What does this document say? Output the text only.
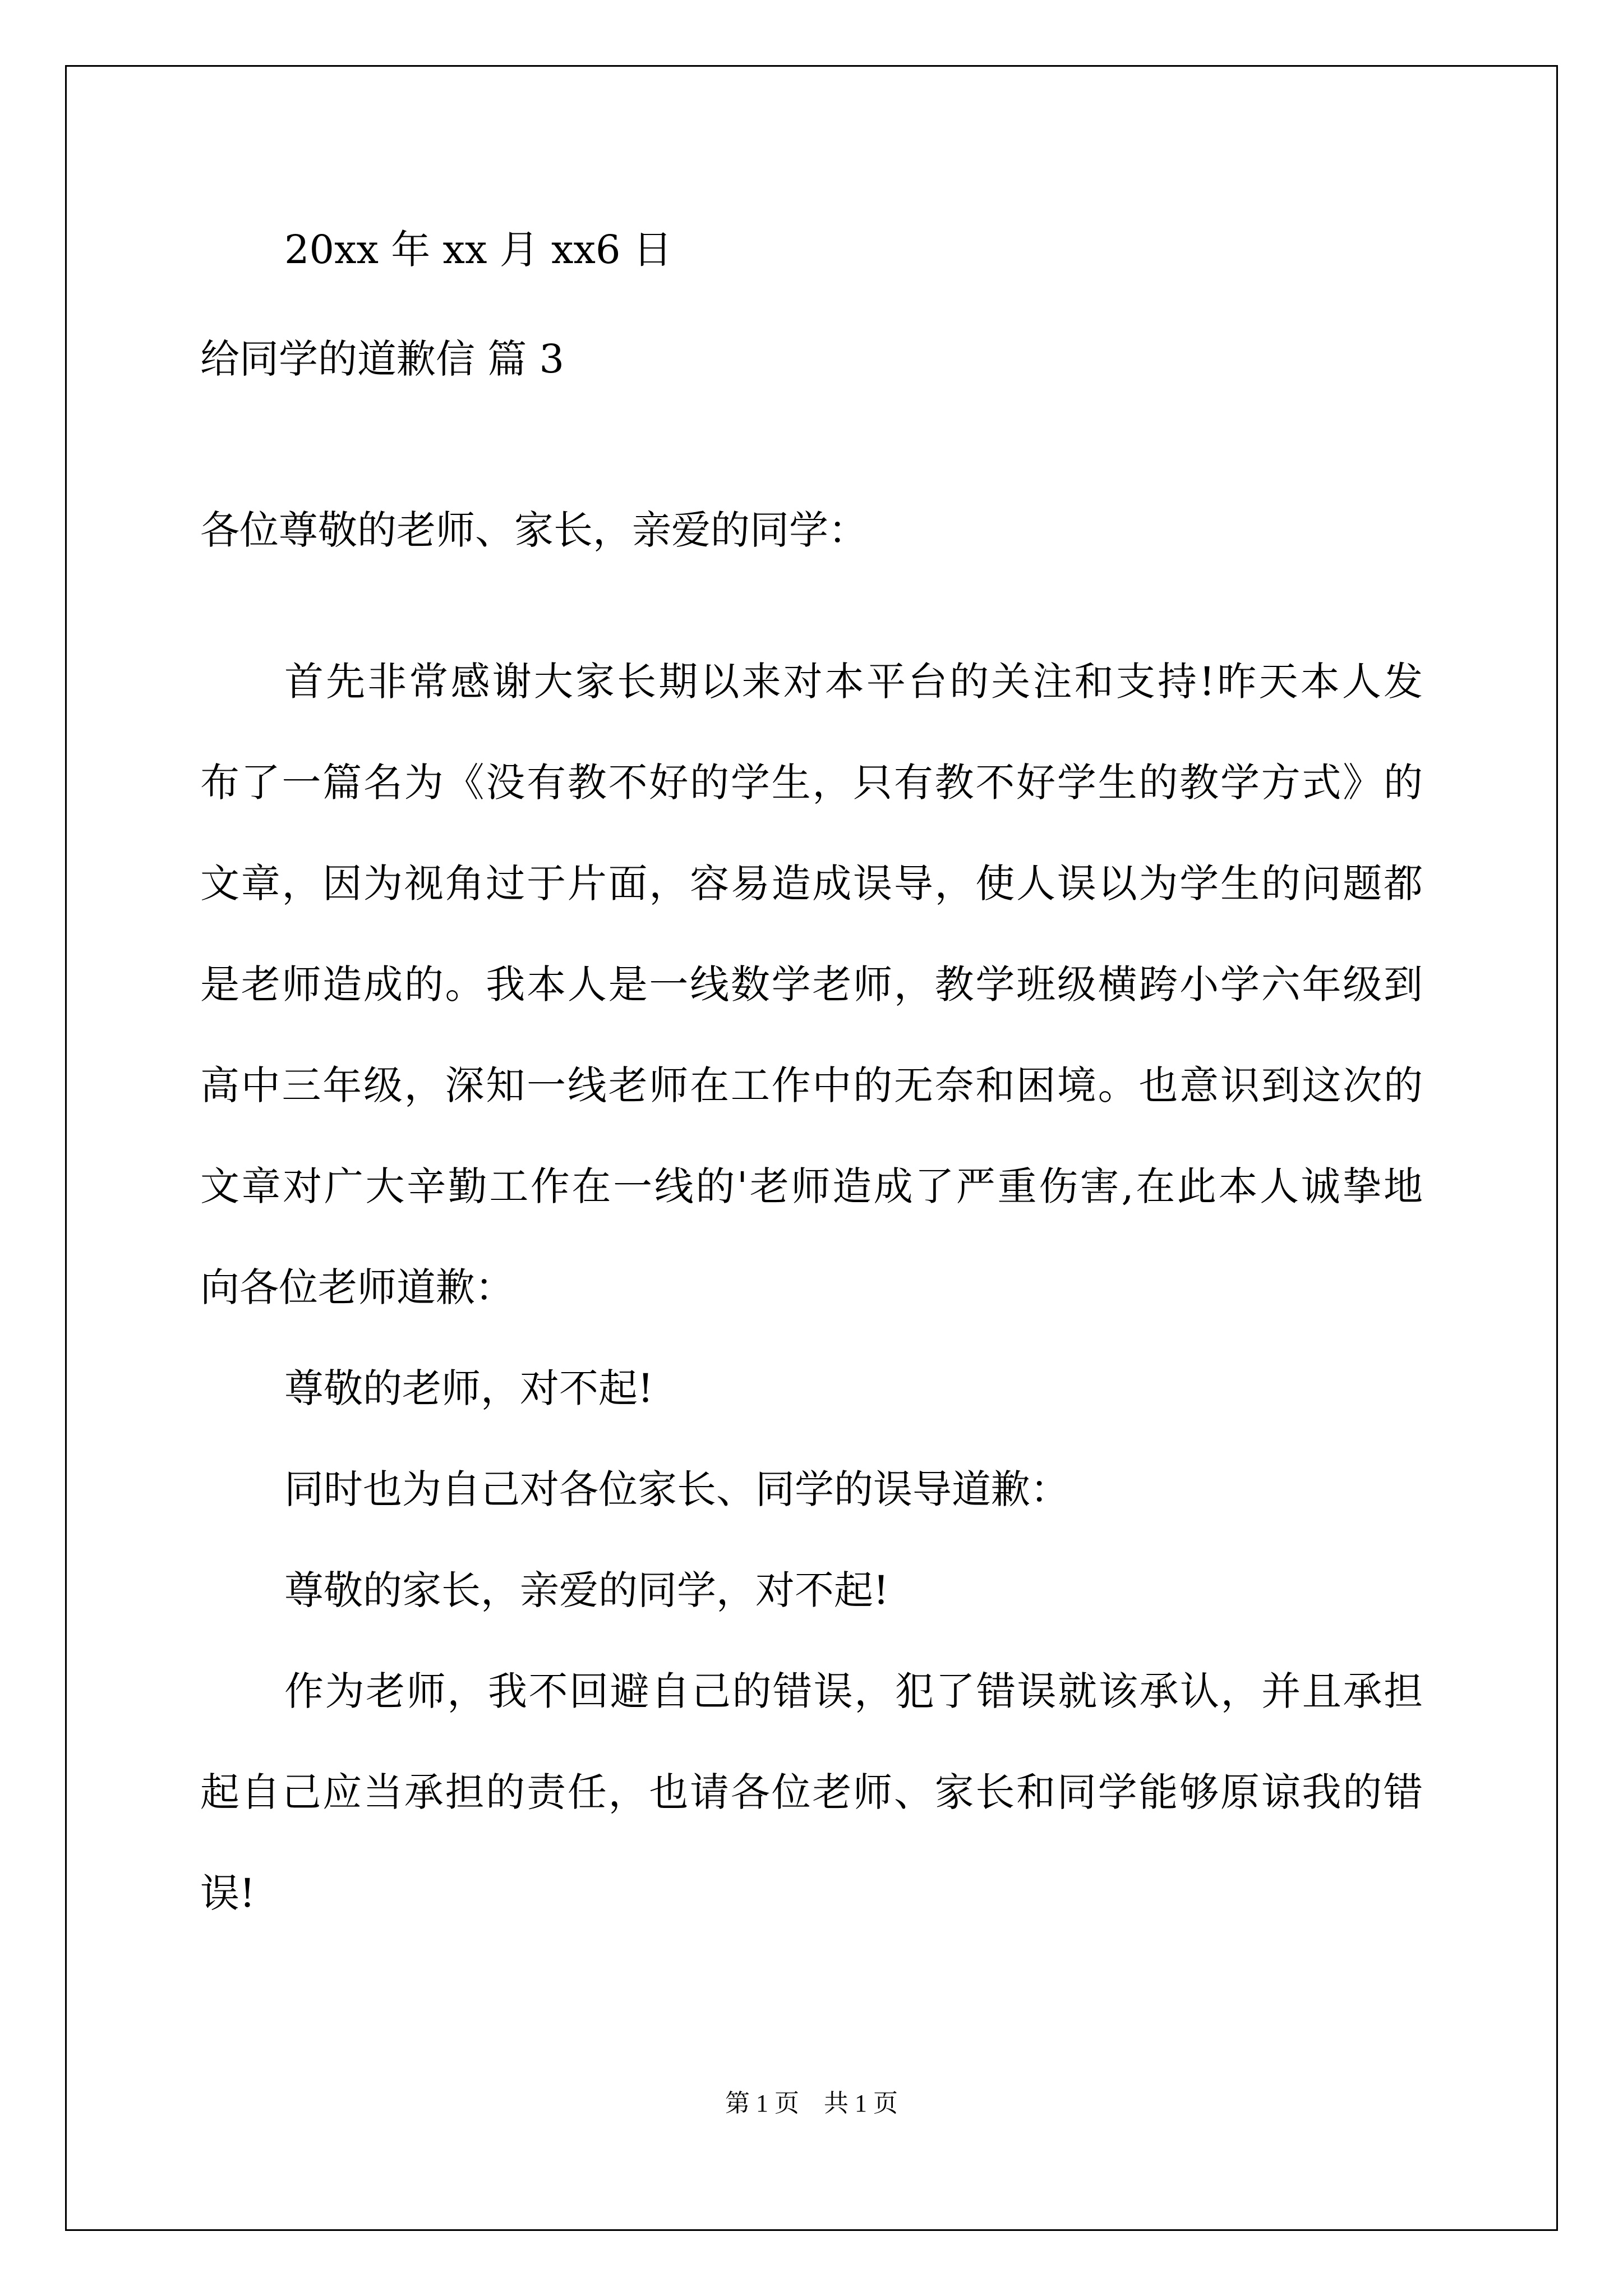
20xx 年 xx 月 xx6 日
给同学的道歉信 篇 3
各位尊敬的老师、家长，亲爱的同学：
首先非常感谢大家长期以来对本平台的关注和支持!昨天本人发
布了一篇名为《没有教不好的学生，只有教不好学生的教学方式》的
文章，因为视角过于片面，容易造成误导，使人误以为学生的问题都
是老师造成的。我本人是一线数学老师，教学班级横跨小学六年级到
高中三年级，深知一线老师在工作中的无奈和困境。也意识到这次的
文章对广大辛勤工作在一线的'老师造成了严重伤害,在此本人诚挚地
向各位老师道歉：
尊敬的老师，对不起!
同时也为自己对各位家长、同学的误导道歉：
尊敬的家长，亲爱的同学，对不起!
作为老师，我不回避自己的错误，犯了错误就该承认，并且承担
起自己应当承担的责任，也请各位老师、家长和同学能够原谅我的错
误!
第 1 页　共 1 页
